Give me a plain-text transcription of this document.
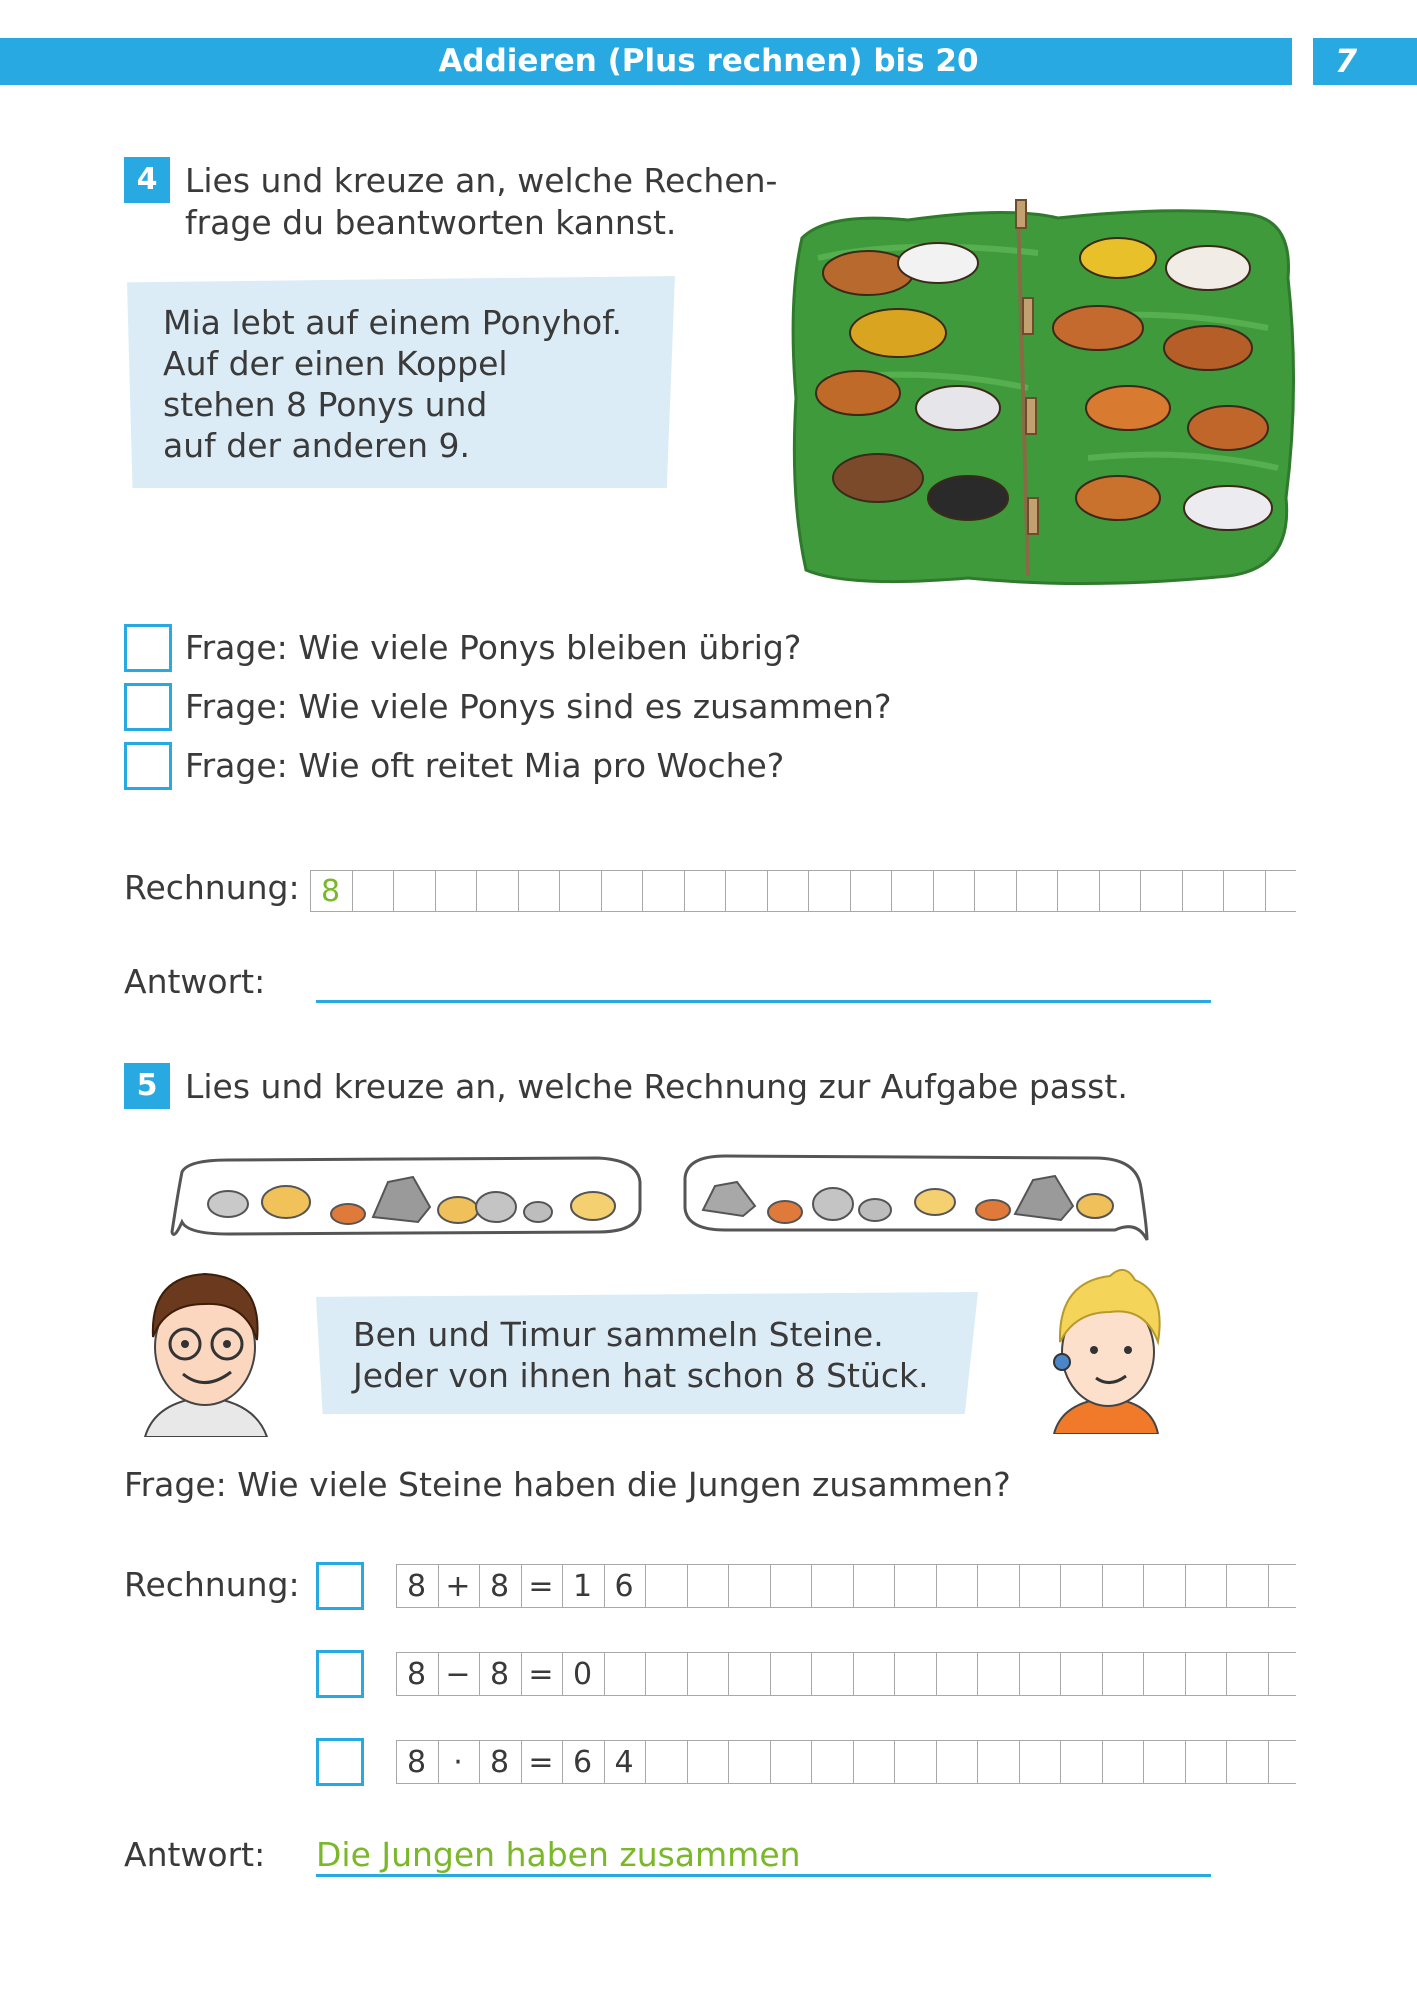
Addieren (Plus rechnen) bis 20	7
4 Lies und kreuze an, welche Rechen-
frage du beantworten kannst.
Mia lebt auf einem Ponyhof.
Auf der einen Koppel
stehen 8 Ponys und
auf der anderen 9.
Frage: Wie viele Ponys bleiben übrig?
Frage: Wie viele Ponys sind es zusammen?
Frage: Wie oft reitet Mia pro Woche?
Rechnung: 8
Antwort:
5 Lies und kreuze an, welche Rechnung zur Aufgabe passt.
Ben und Timur sammeln Steine.
Jeder von ihnen hat schon 8 Stück.
Frage: Wie viele Steine haben die Jungen zusammen?
Rechnung:	8 + 8 = 1 6
8 − 8 = 0
8 · 8 = 6 4
Antwort: Die Jungen haben zusammen
